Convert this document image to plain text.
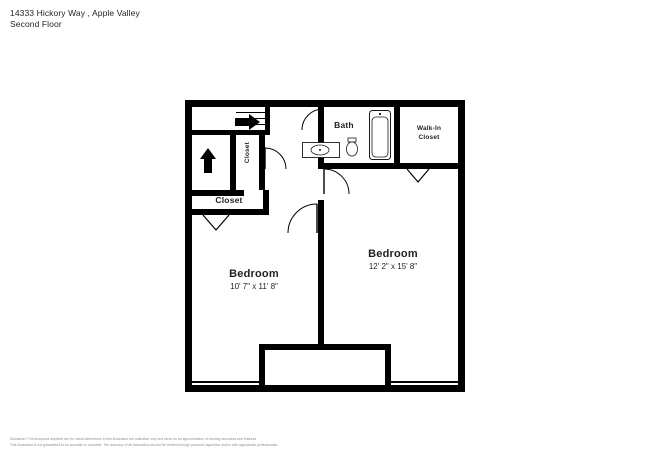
14333 Hickory Way , Apple Valley
Second Floor
Bedroom
12' 2" x 15' 8"
Bedroom
10' 7" x 11' 8"
Bath	Walk-In
Closet
Closet
Closet
Disclaimer: The floorplans depicted are for visual dimensions in this illustration are indicative only and serve as an approximation of existing structures and features.
This illustration is not guaranteed to be accurate or complete. The accuracy of all information should be verified through personal inspection and/or with appropriate professionals.
